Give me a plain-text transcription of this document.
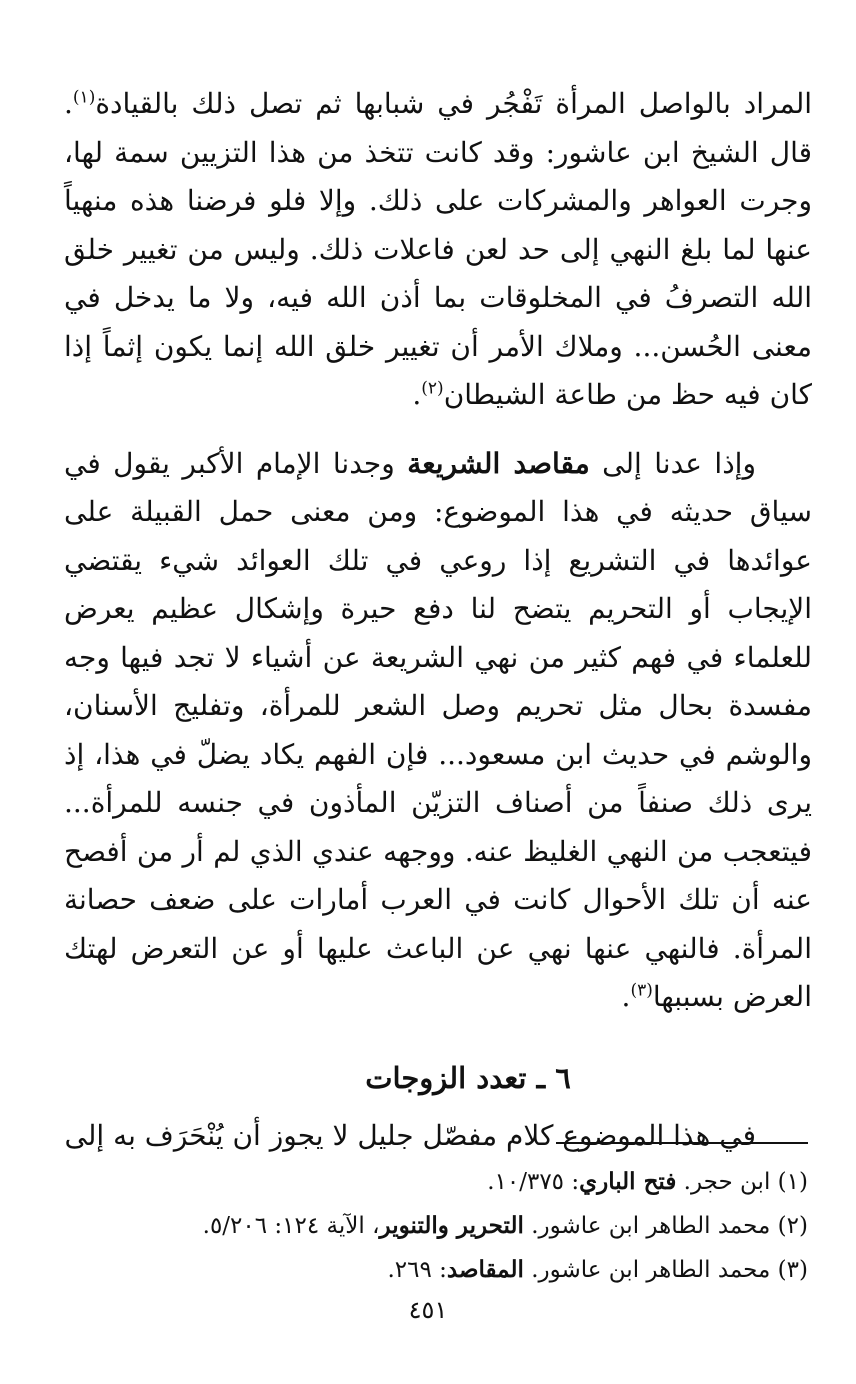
المراد بالواصل المرأة تَفْجُر في شبابها ثم تصل ذلك بالقيادة$^{(١)}$. قال الشيخ ابن عاشور: وقد كانت تتخذ من هذا التزيين سمة لها، وجرت العواهر والمشركات على ذلك. وإلا فلو فرضنا هذه منهياً عنها لما بلغ النهي إلى حد لعن فاعلات ذلك. وليس من تغيير خلق الله التصرفُ في المخلوقات بما أذن الله فيه، ولا ما يدخل في معنى الحُسن... وملاك الأمر أن تغيير خلق الله إنما يكون إثماً إذا كان فيه حظ من طاعة الشيطان$^{(٢)}$.

وإذا عدنا إلى مقاصد الشريعة وجدنا الإمام الأكبر يقول في سياق حديثه في هذا الموضوع: ومن معنى حمل القبيلة على عوائدها في التشريع إذا روعي في تلك العوائد شيء يقتضي الإيجاب أو التحريم يتضح لنا دفع حيرة وإشكال عظيم يعرض للعلماء في فهم كثير من نهي الشريعة عن أشياء لا تجد فيها وجه مفسدة بحال مثل تحريم وصل الشعر للمرأة، وتفليج الأسنان، والوشم في حديث ابن مسعود... فإن الفهم يكاد يضلّ في هذا، إذ يرى ذلك صنفاً من أصناف التزيّن المأذون في جنسه للمرأة... فيتعجب من النهي الغليظ عنه. ووجهه عندي الذي لم أر من أفصح عنه أن تلك الأحوال كانت في العرب أمارات على ضعف حصانة المرأة. فالنهي عنها نهي عن الباعث عليها أو عن التعرض لهتك العرض بسببها$^{(٣)}$.

٦ ـ تعدد الزوجات

في هذا الموضوع كلام مفصّل جليل لا يجوز أن يُنْحَرَف به إلى

(١) ابن حجر. فتح الباري: ١٠/٣٧٥.
(٢) محمد الطاهر ابن عاشور. التحرير والتنوير، الآية ١٢٤: ٥/٢٠٦.
(٣) محمد الطاهر ابن عاشور. المقاصد: ٢٦٩.
٤٥١
